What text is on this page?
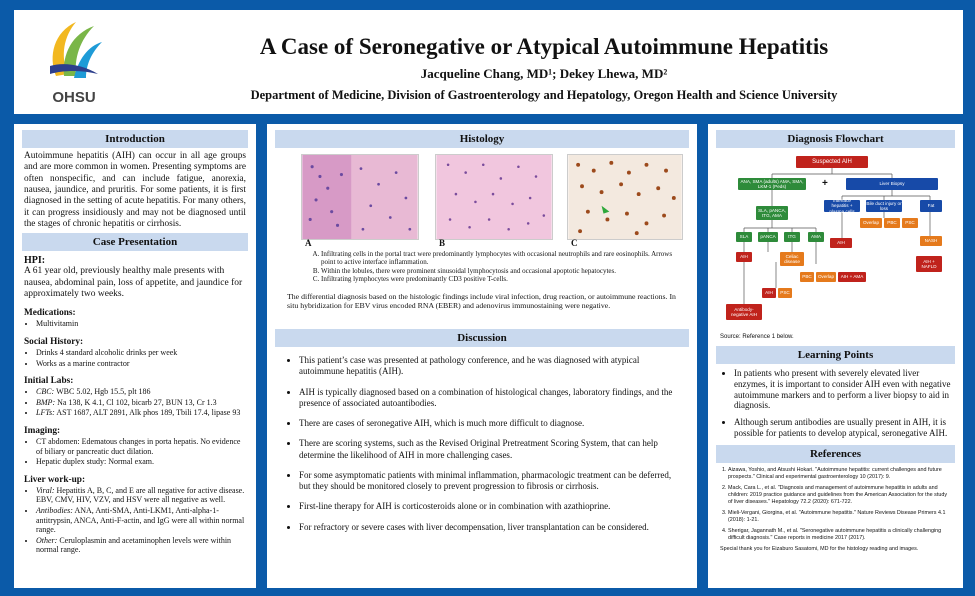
OHSU
A Case of Seronegative or Atypical Autoimmune Hepatitis
Jacqueline Chang, MD¹; Dekey Lhewa, MD²
Department of Medicine, Division of Gastroenterology and Hepatology, Oregon Health and Science University
Introduction
Autoimmune hepatitis (AIH) can occur in all age groups and are more common in women. Presenting symptoms are often nonspecific, and can include fatigue, anorexia, nausea, jaundice, and pruritis. For some patients, it is first diagnosed in the setting of acute hepatitis. For many others, it can progress insidiously and may not be diagnosed until the stages of chronic hepatitis or cirrhosis.
Case Presentation
HPI:
A 61 year old, previously healthy male presents with nausea, abdominal pain, loss of appetite, and jaundice for approximately two weeks.
Medications:
• Multivitamin
Social History:
• Drinks 4 standard alcoholic drinks per week
• Works as a marine contractor
Initial Labs:
• CBC: WBC 5.02, Hgb 15.5, plt 186
• BMP: Na 138, K 4.1, Cl 102, bicarb 27, BUN 13, Cr 1.3
• LFTs: AST 1687, ALT 2891, Alk phos 189, Tbili 17.4, lipase 93
Imaging:
• CT abdomen: Edematous changes in porta hepatis. No evidence of biliary or pancreatic duct dilation.
• Hepatic duplex study: Normal exam.
Liver work-up:
• Viral: Hepatitis A, B, C, and E are all negative for active disease. EBV, CMV, HIV, VZV, and HSV were all negative as well.
• Antibodies: ANA, Anti-SMA, Anti-LKM1, Anti-alpha-1-antitrypsin, ANCA, Anti-F-actin, and IgG were all within normal range.
• Other: Ceruloplasmin and acetaminophen levels were within normal range.
Histology
A	B	C
A. Infiltrating cells in the portal tract were predominantly lymphocytes with occasional neutrophils and rare eosinophils. Arrows point to active interface inflammation.
B. Within the lobules, there were prominent sinusoidal lymphocytosis and occasional apoptotic hepatocytes.
C. Infiltrating lymphocytes were predominantly CD3 positive T-cells.
The differential diagnosis based on the histologic findings include viral infection, drug reaction, or autoimmune reactions. In situ hybridization for EBV virus encoded RNA (EBER) and adenovirus immunostaining were negative.
Discussion
• This patient’s case was presented at pathology conference, and he was diagnosed with atypical autoimmune hepatitis (AIH).
• AIH is typically diagnosed based on a combination of histological changes, laboratory findings, and the presence of associated autoantibodies.
• There are cases of seronegative AIH, which is much more difficult to diagnose.
• There are scoring systems, such as the Revised Original Pretreatment Scoring System, that can help determine the likelihood of AIH in more challenging cases.
• For some asymptomatic patients with minimal inflammation, pharmacologic treatment can be deferred, but they should be monitored closely to prevent progression to fibrosis or cirrhosis.
• First-line therapy for AIH is corticosteroids alone or in combination with azathioprine.
• For refractory or severe cases with liver decompensation, liver transplantation can be considered.
Diagnosis Flowchart
Suspected AIH
ANA, SMA (adults) AMA, SMA, LKM-1 (Peds)	+	Liver Biopsy
Interface hepatitis + plasma cells
Bile duct injury or loss
Fat
SLA, pANCA, tTG, AMA
AIH
Overlap	PBC	PSC
NASH
SLA	pANCA	tTG	AMA
AIH + NAFLD
AIH	Celiac disease
PBC	Overlap	AIH + AMA
AIH	PSC
Antibody-negative AIH
Source: Reference 1 below.
Learning Points
• In patients who present with severely elevated liver enzymes, it is important to consider AIH even with negative autoimmune markers and to perform a liver biopsy to aid in diagnosis.
• Although serum antibodies are usually present in AIH, it is possible for patients to develop atypical, seronegative AIH.
References
1. Aizawa, Yoshio, and Atsushi Hokari. "Autoimmune hepatitis: current challenges and future prospects." Clinical and experimental gastroenterology 10 (2017): 9.
2. Mack, Cara L., et al. "Diagnosis and management of autoimmune hepatitis in adults and children: 2019 practice guidance and guidelines from the American Association for the study of liver diseases." Hepatology 72.2 (2020): 671-722.
3. Mieli-Vergani, Giorgina, et al. "Autoimmune hepatitis." Nature Reviews Disease Primers 4.1 (2018): 1-21.
4. Sherigar, Jagannath M., et al. "Seronegative autoimmune hepatitis a clinically challenging difficult diagnosis." Case reports in medicine 2017 (2017).
Special thank you for Eizaburo Sasatomi, MD for the histology reading and images.
